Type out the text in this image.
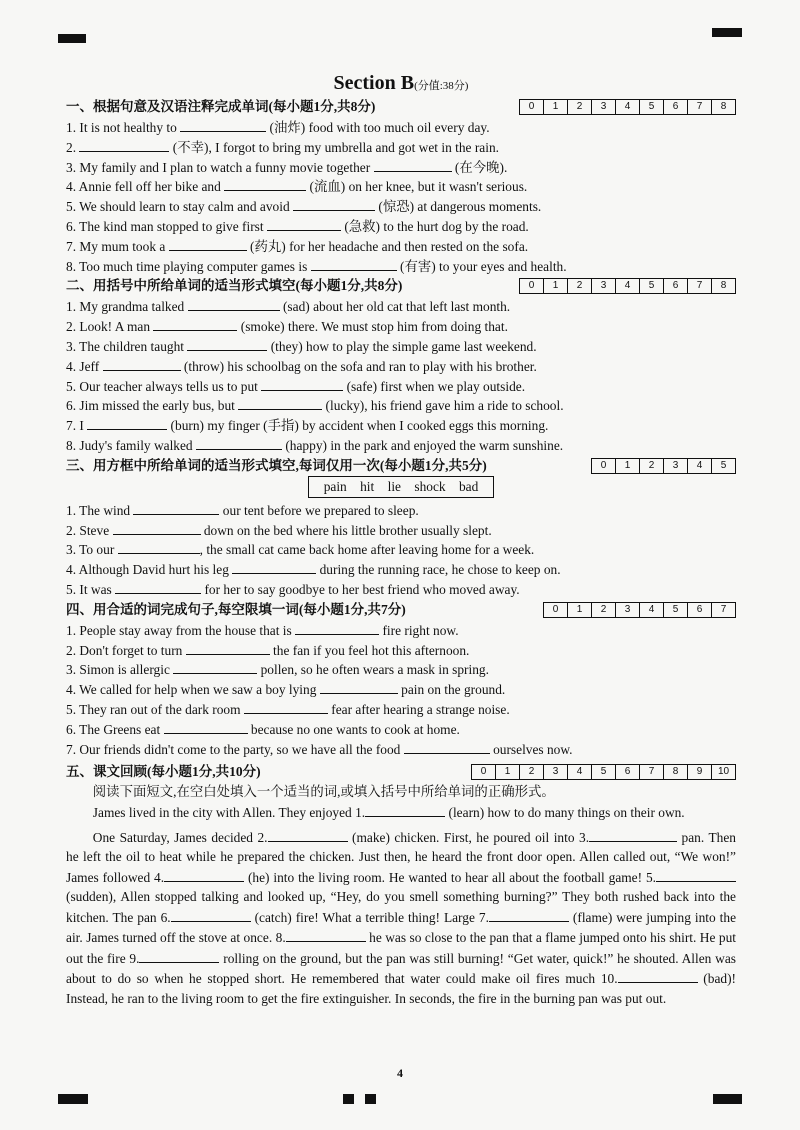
Section B(分值:38分)
一、根据句意及汉语注释完成单词(每小题1分,共8分)	0	1	2	3	4	5	6	7	8
1. It is not healthy to	(油炸) food with too much oil every day.
2.	(不幸), I forgot to bring my umbrella and got wet in the rain.
3. My family and I plan to watch a funny movie together	(在今晚).
4. Annie fell off her bike and	(流血) on her knee, but it wasn't serious.
5. We should learn to stay calm and avoid	(惊恐) at dangerous moments.
6. The kind man stopped to give first	(急救) to the hurt dog by the road.
7. My mum took a	(药丸) for her headache and then rested on the sofa.
8. Too much time playing computer games is	(有害) to your eyes and health.
二、用括号中所给单词的适当形式填空(每小题1分,共8分)	0	1	2	3	4	5	6	7	8
1. My grandma talked	(sad) about her old cat that left last month.
2. Look! A man	(smoke) there. We must stop him from doing that.
3. The children taught	(they) how to play the simple game last weekend.
4. Jeff	(throw) his schoolbag on the sofa and ran to play with his brother.
5. Our teacher always tells us to put	(safe) first when we play outside.
6. Jim missed the early bus, but	(lucky), his friend gave him a ride to school.
7. I	(burn) my finger (手指) by accident when I cooked eggs this morning.
8. Judy's family walked	(happy) in the park and enjoyed the warm sunshine.
三、用方框中所给单词的适当形式填空,每词仅用一次(每小题1分,共5分)	0	1	2	3	4	5
pain hit lie shock bad
1. The wind	our tent before we prepared to sleep.
2. Steve	down on the bed where his little brother usually slept.
3. To our	, the small cat came back home after leaving home for a week.
4. Although David hurt his leg	during the running race, he chose to keep on.
5. It was	for her to say goodbye to her best friend who moved away.
四、用合适的词完成句子,每空限填一词(每小题1分,共7分)	0	1	2	3	4	5	6	7
1. People stay away from the house that is	fire right now.
2. Don't forget to turn	the fan if you feel hot this afternoon.
3. Simon is allergic	pollen, so he often wears a mask in spring.
4. We called for help when we saw a boy lying	pain on the ground.
5. They ran out of the dark room	fear after hearing a strange noise.
6. The Greens eat	because no one wants to cook at home.
7. Our friends didn't come to the party, so we have all the food	ourselves now.
五、课文回顾(每小题1分,共10分)	0	1	2	3	4	5	6	7	8	9	10
阅读下面短文,在空白处填入一个适当的词,或填入括号中所给单词的正确形式。

James lived in the city with Allen. They enjoyed 1.	(learn) how to do many things on their own.

One Saturday, James decided 2.	(make) chicken. First, he poured oil into 3.	pan. Then he left the oil to heat while he prepared the chicken. Just then, he heard the front door open. Allen called out, “We won!” James followed 4.	(he) into the living room. He wanted to hear all about the football game! 5. (sudden), Allen stopped talking and looked up, “Hey, do you smell something burning?” They both rushed back into the kitchen. The pan 6.	(catch) fire! What a terrible thing! Large 7.	(flame) were jumping into the air. James turned off the stove at once. 8.	he was so close to the pan that a flame jumped onto his shirt. He put out the fire 9.	rolling on the ground, but the pan was still burning! “Get water, quick!” he shouted. Allen was about to do so when he stopped short. He remembered that water could make oil fires much 10.	(bad)! Instead, he ran to the living room to get the fire extinguisher. In seconds, the fire in the burning pan was put out.

4
